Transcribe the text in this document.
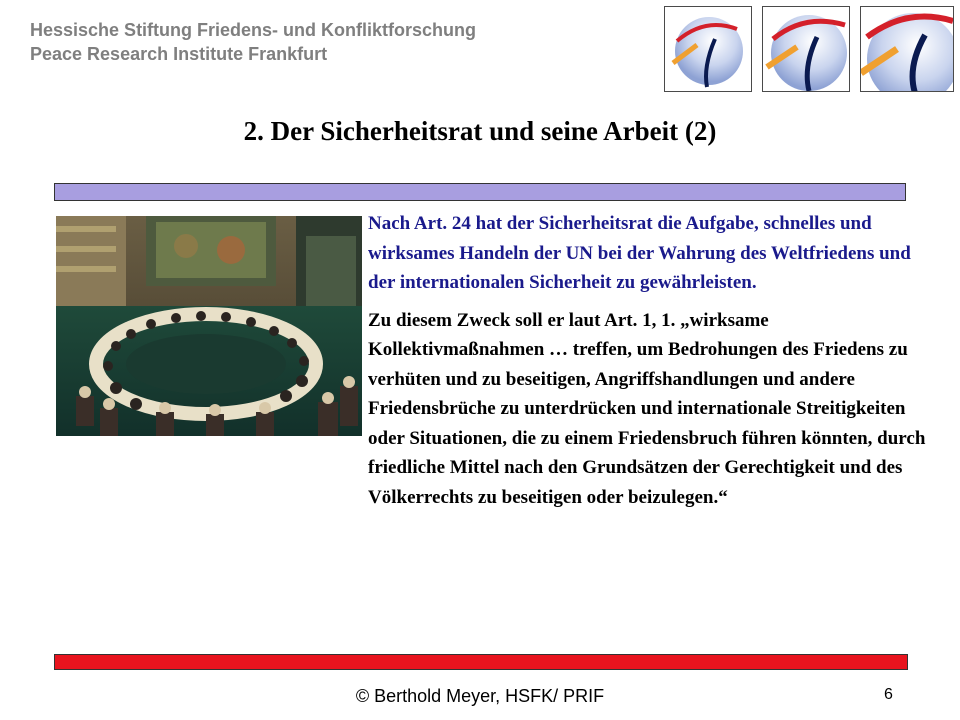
Hessische Stiftung Friedens- und Konfliktforschung
Peace Research Institute Frankfurt
2. Der Sicherheitsrat und seine Arbeit (2)

Nach Art. 24 hat der Sicherheitsrat die Aufgabe, schnelles und wirksames Handeln der UN bei der Wahrung des Weltfriedens und der internationalen Sicherheit zu gewährleisten.

Zu diesem Zweck soll er laut Art. 1, 1. „wirksame Kollektivmaßnahmen … treffen, um Bedrohungen des Friedens zu verhüten und zu beseitigen, Angriffshandlungen und andere Friedensbrüche zu unterdrücken und internationale Streitigkeiten oder Situationen, die zu einem Friedensbruch führen könnten, durch friedliche Mittel nach den Grundsätzen der Gerechtigkeit und des Völkerrechts zu beseitigen oder beizulegen.“

© Berthold Meyer, HSFK/ PRIF	6
